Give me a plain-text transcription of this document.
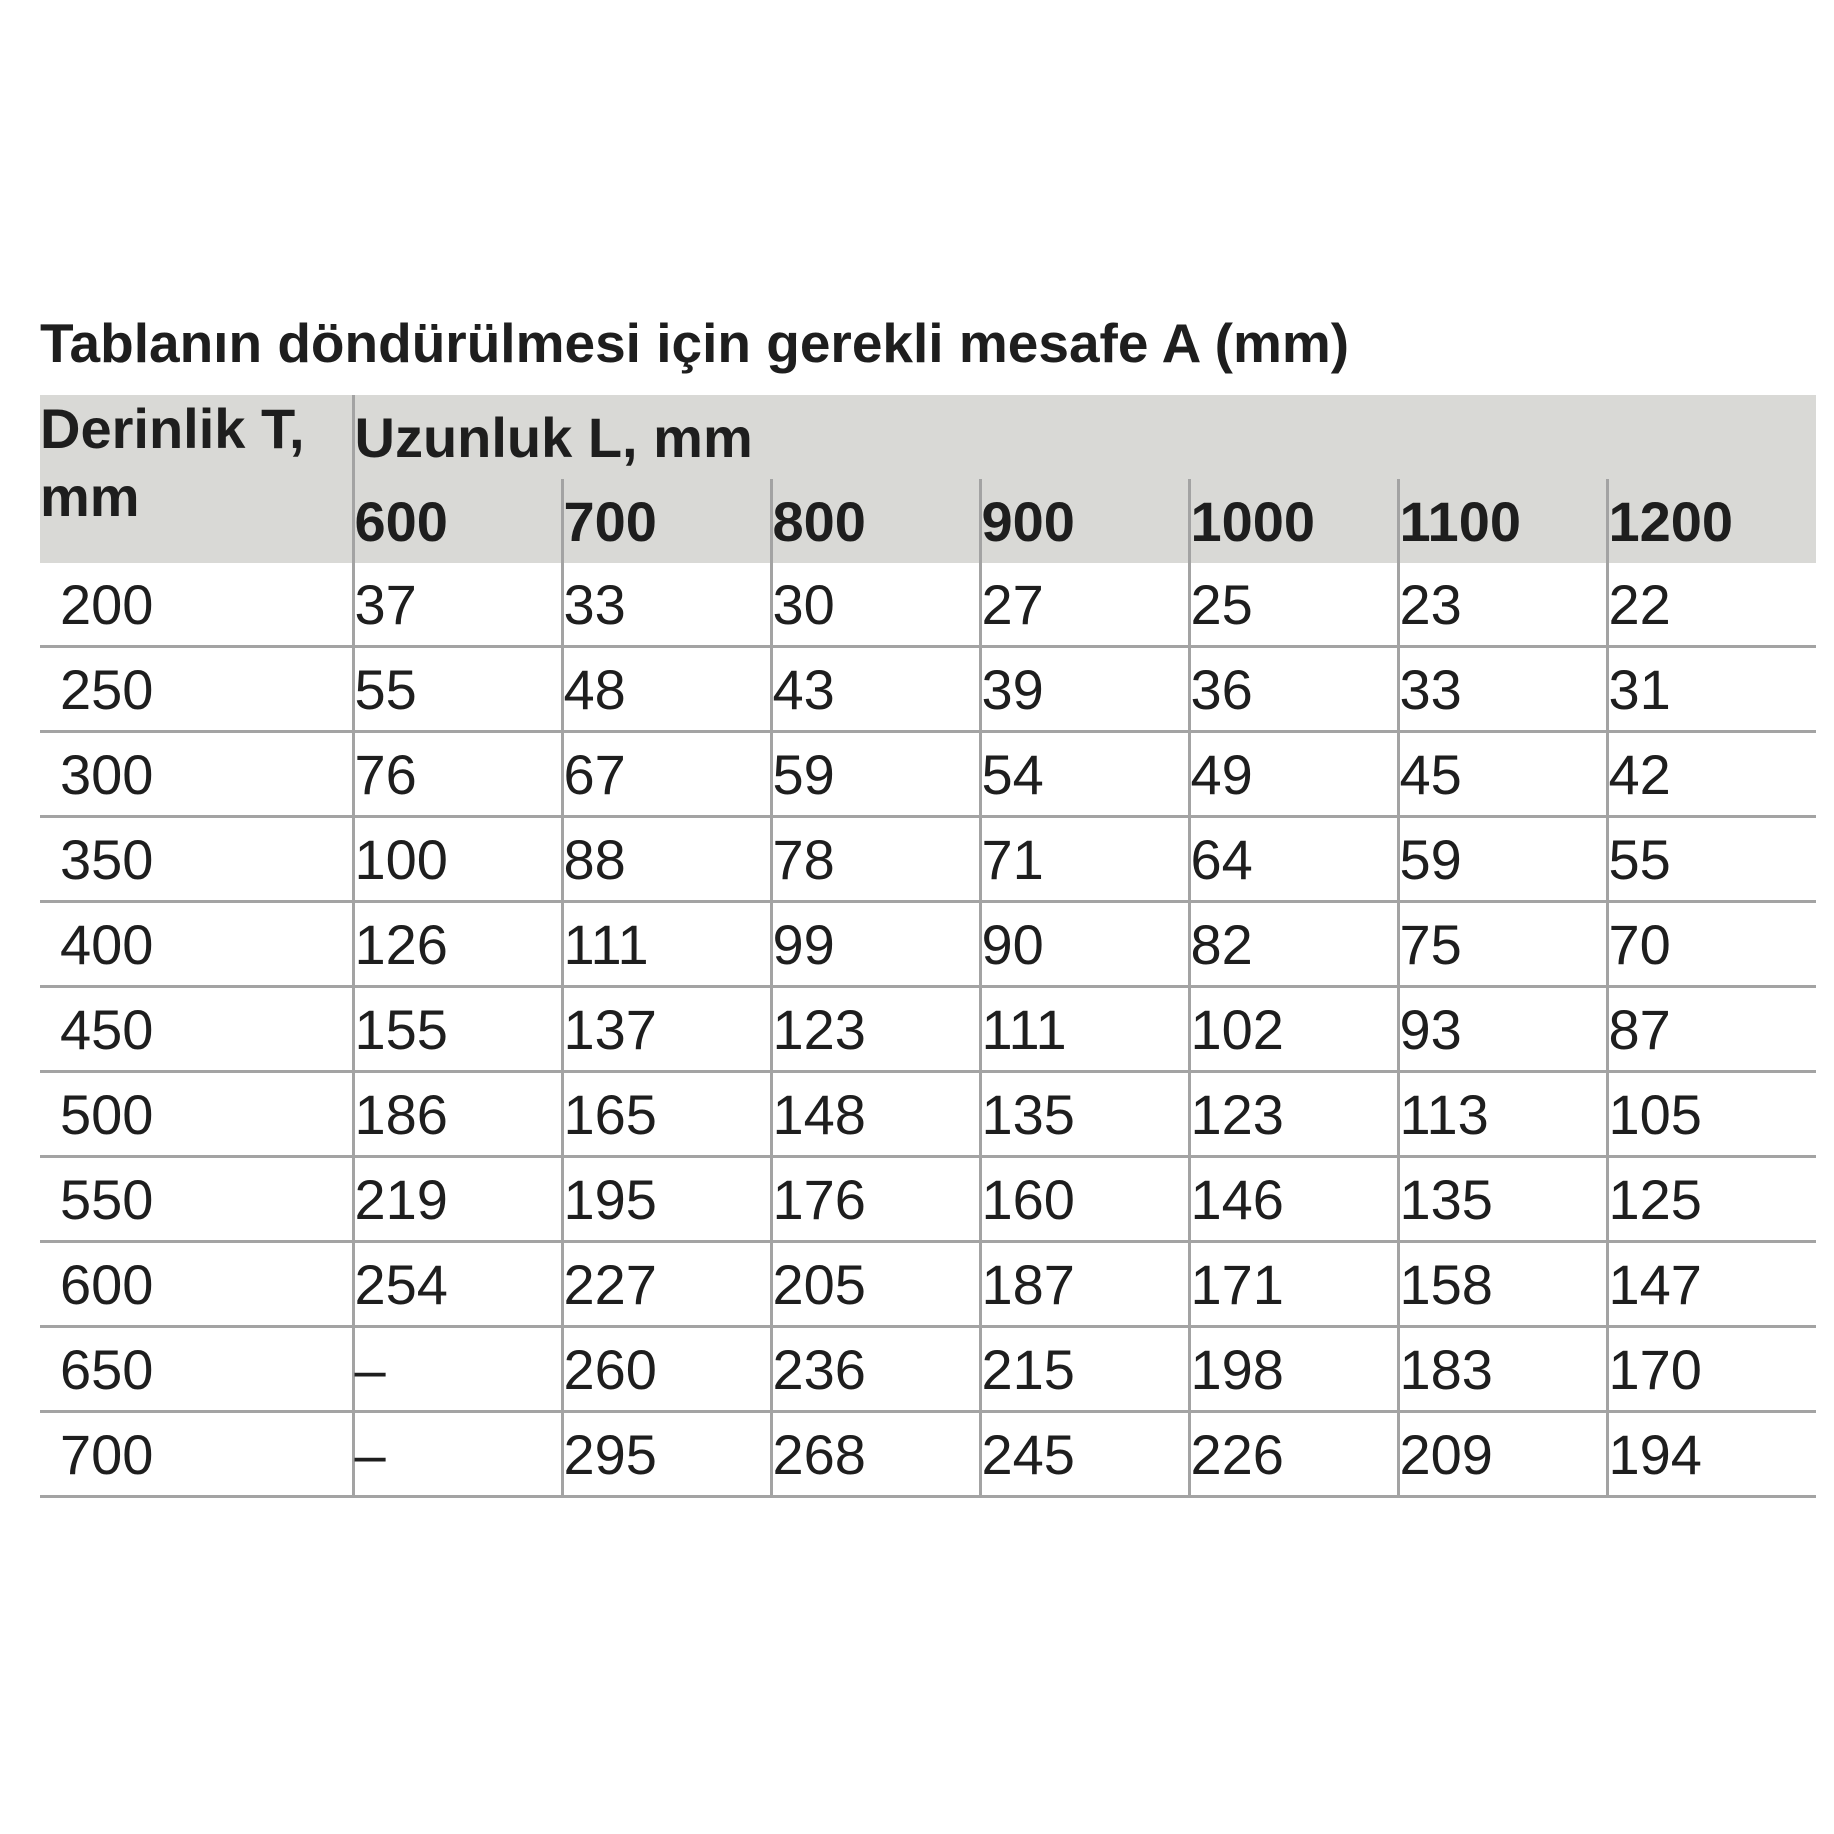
Tablanın döndürülmesi için gerekli mesafe A (mm)
Derinlik T,
mm	Uzunluk L, mm						
	600	700	800	900	1000	1100	1200
200	37	33	30	27	25	23	22
250	55	48	43	39	36	33	31
300	76	67	59	54	49	45	42
350	100	88	78	71	64	59	55
400	126	111	99	90	82	75	70
450	155	137	123	111	102	93	87
500	186	165	148	135	123	113	105
550	219	195	176	160	146	135	125
600	254	227	205	187	171	158	147
650	–	260	236	215	198	183	170
700	–	295	268	245	226	209	194
